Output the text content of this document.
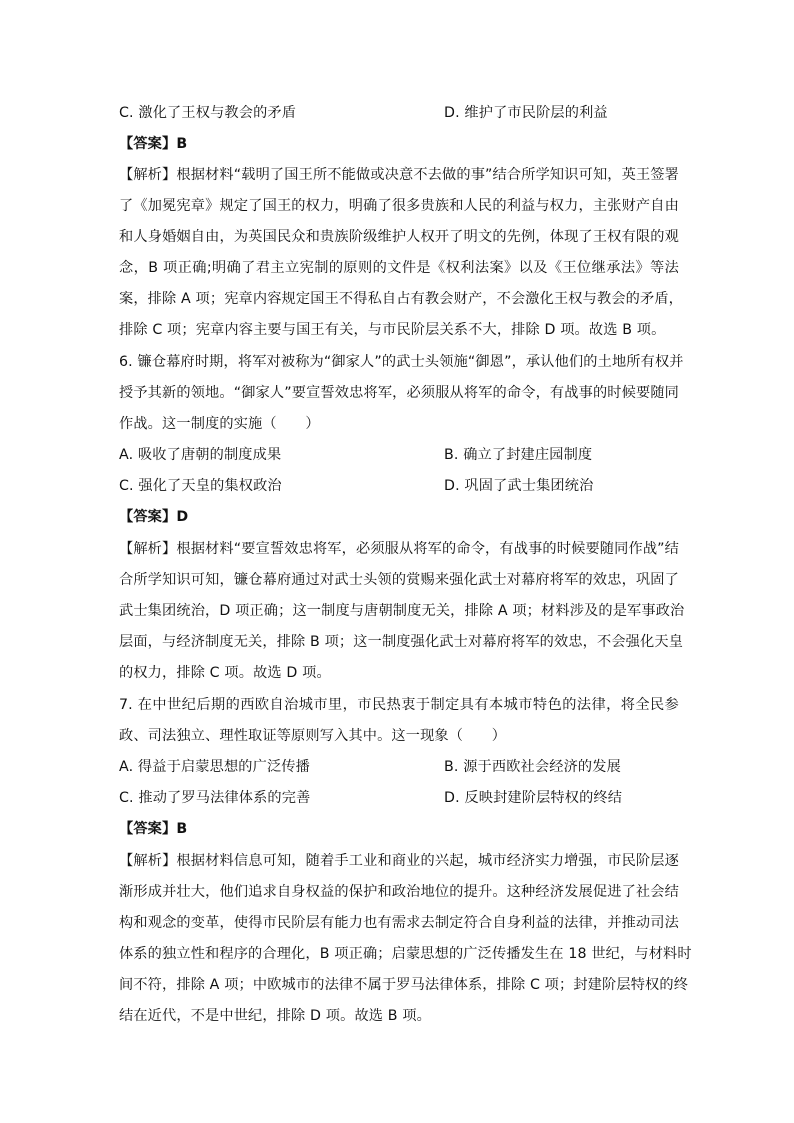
C. 激化了王权与教会的矛盾	D. 维护了市民阶层的利益
【答案】B
【解析】根据材料“载明了国王所不能做或决意不去做的事”结合所学知识可知，英王签署
了《加冕宪章》规定了国王的权力，明确了很多贵族和人民的利益与权力，主张财产自由
和人身婚姻自由，为英国民众和贵族阶级维护人权开了明文的先例，体现了王权有限的观
念，B 项正确;明确了君主立宪制的原则的文件是《权利法案》以及《王位继承法》等法
案，排除 A 项；宪章内容规定国王不得私自占有教会财产，不会激化王权与教会的矛盾，
排除 C 项；宪章内容主要与国王有关，与市民阶层关系不大，排除 D 项。故选 B 项。
6. 镰仓幕府时期，将军对被称为“御家人”的武士头领施“御恩”，承认他们的土地所有权并
授予其新的领地。“御家人”要宣誓效忠将军，必须服从将军的命令，有战事的时候要随同
作战。这一制度的实施（　　）
A. 吸收了唐朝的制度成果	B. 确立了封建庄园制度
C. 强化了天皇的集权政治	D. 巩固了武士集团统治
【答案】D
【解析】根据材料“要宣誓效忠将军，必须服从将军的命令，有战事的时候要随同作战”结
合所学知识可知，镰仓幕府通过对武士头领的赏赐来强化武士对幕府将军的效忠，巩固了
武士集团统治，D 项正确；这一制度与唐朝制度无关，排除 A 项；材料涉及的是军事政治
层面，与经济制度无关，排除 B 项；这一制度强化武士对幕府将军的效忠，不会强化天皇
的权力，排除 C 项。故选 D 项。
7. 在中世纪后期的西欧自治城市里，市民热衷于制定具有本城市特色的法律，将全民参
政、司法独立、理性取证等原则写入其中。这一现象（　　）
A. 得益于启蒙思想的广泛传播	B. 源于西欧社会经济的发展
C. 推动了罗马法律体系的完善	D. 反映封建阶层特权的终结
【答案】B
【解析】根据材料信息可知，随着手工业和商业的兴起，城市经济实力增强，市民阶层逐
渐形成并壮大，他们追求自身权益的保护和政治地位的提升。这种经济发展促进了社会结
构和观念的变革，使得市民阶层有能力也有需求去制定符合自身利益的法律，并推动司法
体系的独立性和程序的合理化，B 项正确；启蒙思想的广泛传播发生在 18 世纪，与材料时
间不符，排除 A 项；中欧城市的法律不属于罗马法律体系，排除 C 项；封建阶层特权的终
结在近代，不是中世纪，排除 D 项。故选 B 项。
